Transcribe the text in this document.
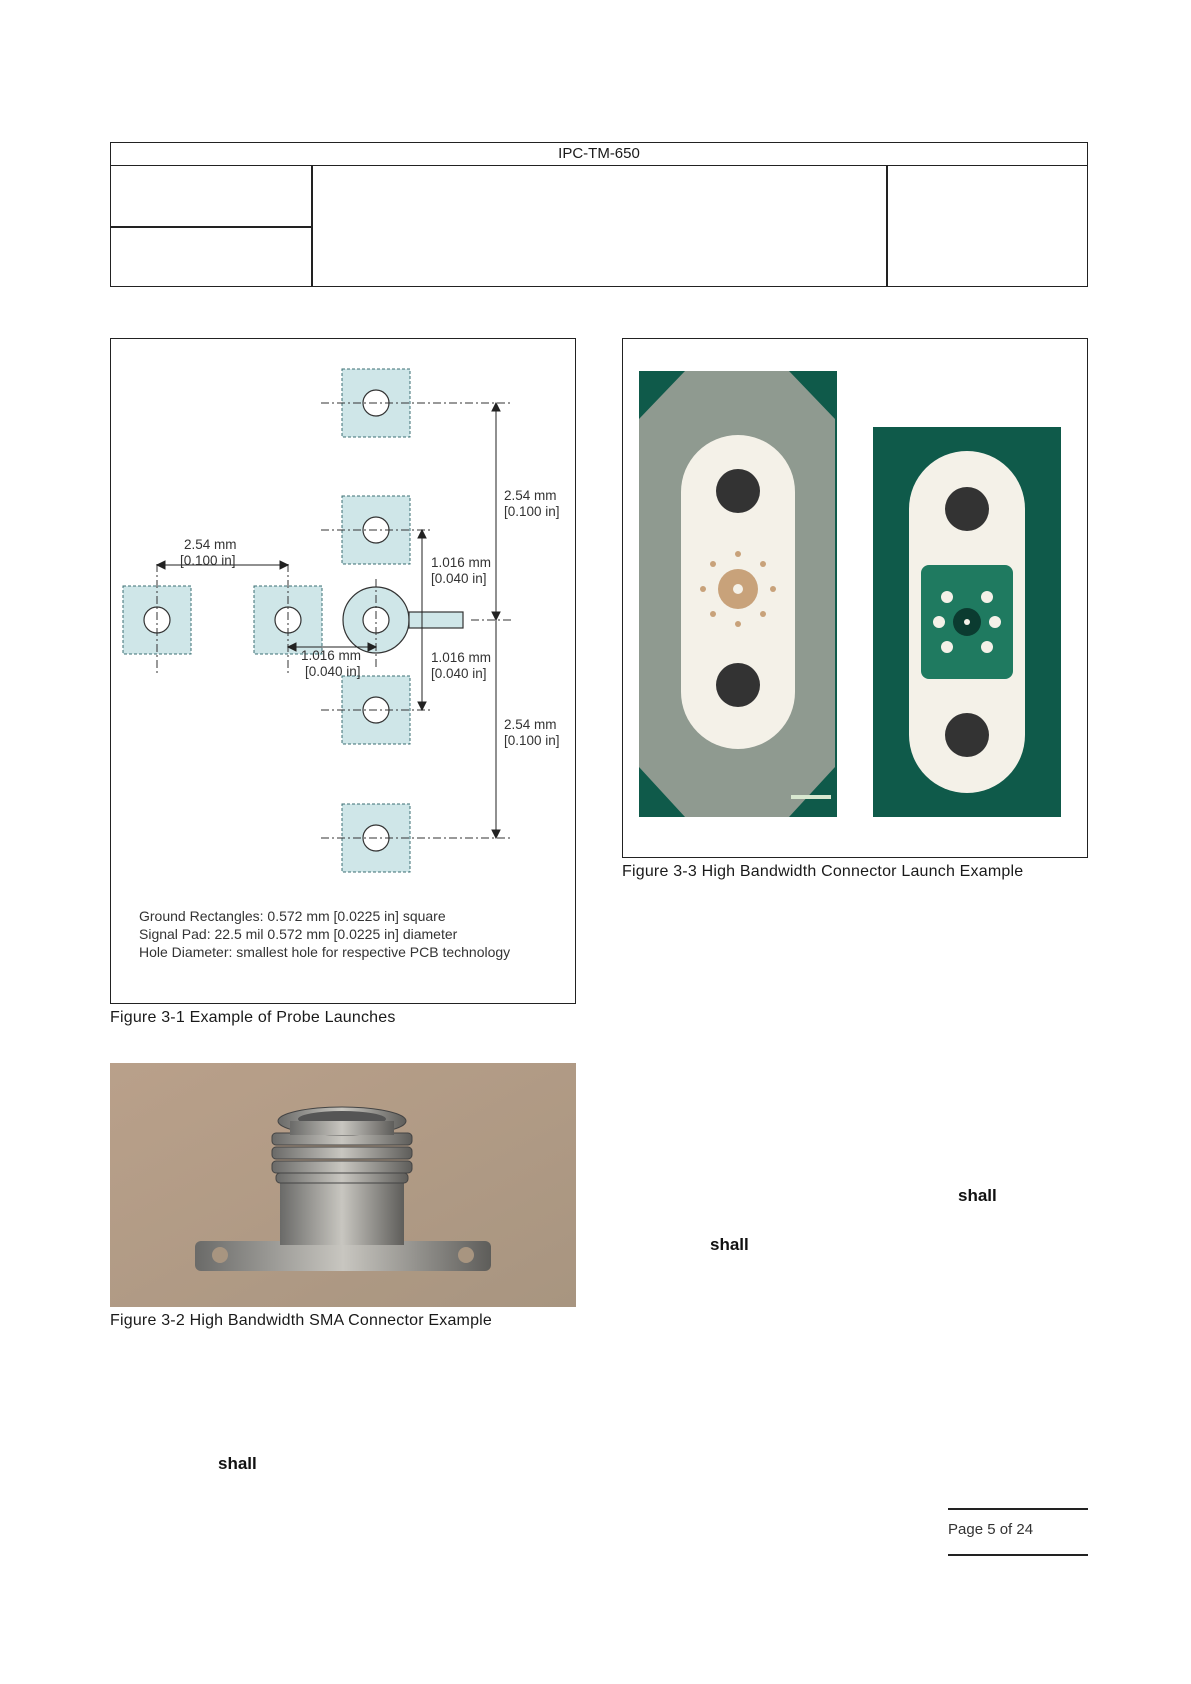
IPC-TM-650
2.54 mm
[0.100 in]
2.54 mm
[0.100 in]	1.016 mm
[0.040 in]
1.016 mm
[0.040 in]
1.016 mm
[0.040 in]
2.54 mm
[0.100 in]
Ground Rectangles: 0.572 mm [0.0225 in] square
Signal Pad: 22.5 mil 0.572 mm [0.0225 in] diameter
Hole Diameter: smallest hole for respective PCB technology
Figure 3-1 Example of Probe Launches
Figure 3-3 High Bandwidth Connector Launch Example
Figure 3-2 High Bandwidth SMA Connector Example
shall
shall
shall
Page 5 of 24
